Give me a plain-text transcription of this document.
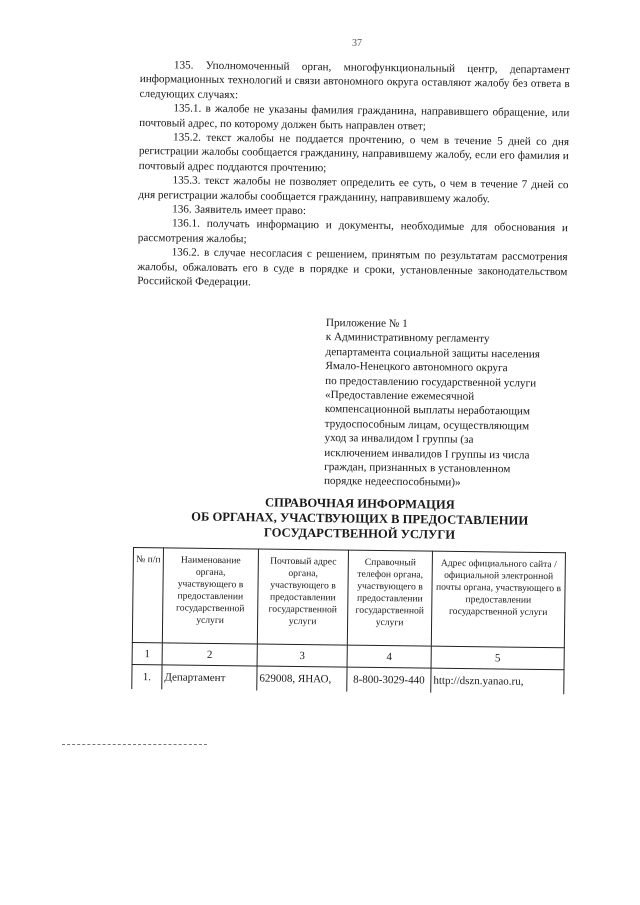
37

135. Уполномоченный орган, многофункциональный центр, департамент информационных технологий и связи автономного округа оставляют жалобу без ответа в следующих случаях:

135.1. в жалобе не указаны фамилия гражданина, направившего обращение, или почтовый адрес, по которому должен быть направлен ответ;

135.2. текст жалобы не поддается прочтению, о чем в течение 5 дней со дня регистрации жалобы сообщается гражданину, направившему жалобу, если его фамилия и почтовый адрес поддаются прочтению;

135.3. текст жалобы не позволяет определить ее суть, о чем в течение 7 дней со дня регистрации жалобы сообщается гражданину, направившему жалобу.

136. Заявитель имеет право:

136.1. получать информацию и документы, необходимые для обоснования и рассмотрения жалобы;

136.2. в случае несогласия с решением, принятым по результатам рассмотрения жалобы, обжаловать его в суде в порядке и сроки, установленные законодательством Российской Федерации.

Приложение № 1
к Административному регламенту
департамента социальной защиты населения
Ямало-Ненецкого автономного округа
по предоставлению государственной услуги
«Предоставление ежемесячной
компенсационной выплаты неработающим
трудоспособным лицам, осуществляющим
уход за инвалидом I группы (за
исключением инвалидов I группы из числа
граждан, признанных в установленном
порядке недееспособными)»
СПРАВОЧНАЯ ИНФОРМАЦИЯ
ОБ ОРГАНАХ, УЧАСТВУЮЩИХ В ПРЕДОСТАВЛЕНИИ
ГОСУДАРСТВЕННОЙ УСЛУГИ
№ п/п	Наименование органа, участвующего в предоставлении государственной услуги	Почтовый адрес органа, участвующего в предоставлении государственной услуги	Справочный телефон органа, участвующего в предоставлении государственной услуги	Адрес официального сайта /официальной электронной почты органа, участвующего в предоставлении государственной услуги
1	2	3	4	5
1.	Департамент	629008, ЯНАО,	8-800-3029-440	http://dszn.yanao.ru,
